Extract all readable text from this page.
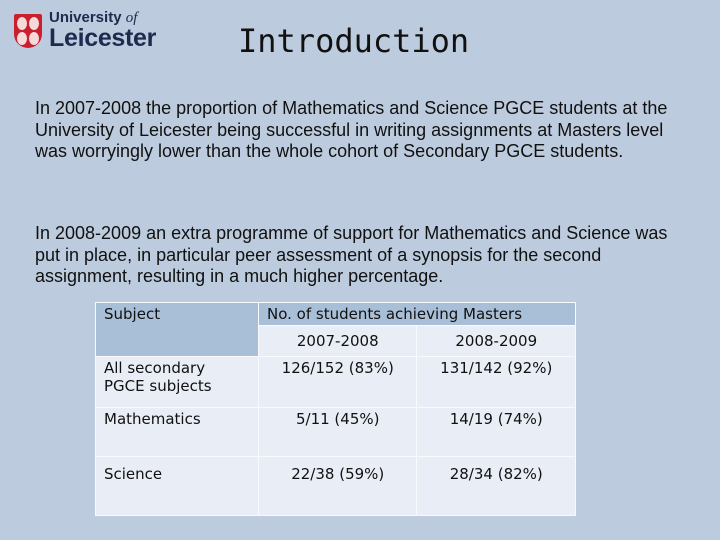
University of
Leicester	Introduction

In 2007-2008 the proportion of Mathematics and Science PGCE students at the University of Leicester being successful in writing assignments at Masters level was worryingly lower than the whole cohort of Secondary PGCE students.

In 2008-2009 an extra programme of support for Mathematics and Science was put in place, in particular peer assessment of a synopsis for the second assignment, resulting in a much higher percentage.

Subject	No. of students achieving Masters	
	2007-2008	2008-2009
All secondary PGCE subjects	126/152 (83%)	131/142 (92%)
Mathematics	5/11 (45%)	14/19 (74%)
Science	22/38 (59%)	28/34 (82%)
